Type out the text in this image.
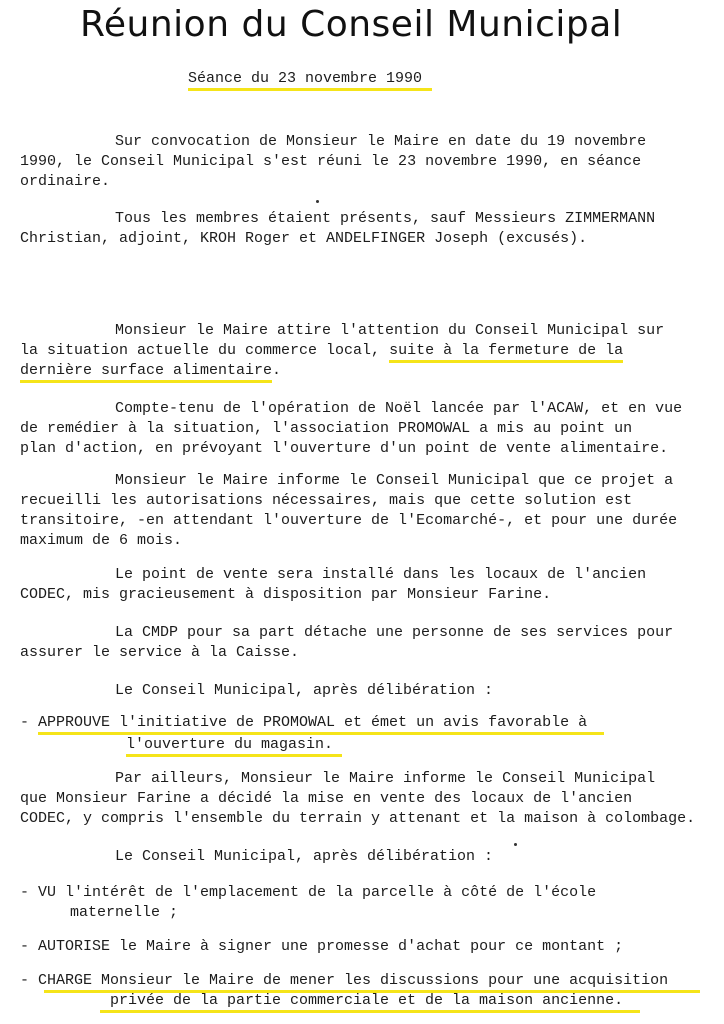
Réunion du Conseil Municipal
Séance du 23 novembre 1990
Sur convocation de Monsieur le Maire en date du 19 novembre
1990, le Conseil Municipal s'est réuni le 23 novembre 1990, en séance
ordinaire.
Tous les membres étaient présents, sauf Messieurs ZIMMERMANN
Christian, adjoint, KROH Roger et ANDELFINGER Joseph (excusés).
Monsieur le Maire attire l'attention du Conseil Municipal sur
la situation actuelle du commerce local, suite à la fermeture de la
dernière surface alimentaire.
Compte-tenu de l'opération de Noël lancée par l'ACAW, et en vue
de remédier à la situation, l'association PROMOWAL a mis au point un
plan d'action, en prévoyant l'ouverture d'un point de vente alimentaire.
Monsieur le Maire informe le Conseil Municipal que ce projet a
recueilli les autorisations nécessaires, mais que cette solution est
transitoire, -en attendant l'ouverture de l'Ecomarché-, et pour une durée
maximum de 6 mois.
Le point de vente sera installé dans les locaux de l'ancien
CODEC, mis gracieusement à disposition par Monsieur Farine.
La CMDP pour sa part détache une personne de ses services pour
assurer le service à la Caisse.
Le Conseil Municipal, après délibération :
- APPROUVE l'initiative de PROMOWAL et émet un avis favorable à
l'ouverture du magasin.
Par ailleurs, Monsieur le Maire informe le Conseil Municipal
que Monsieur Farine a décidé la mise en vente des locaux de l'ancien
CODEC, y compris l'ensemble du terrain y attenant et la maison à colombage.
Le Conseil Municipal, après délibération :
- VU l'intérêt de l'emplacement de la parcelle à côté de l'école
maternelle ;
- AUTORISE le Maire à signer une promesse d'achat pour ce montant ;
- CHARGE Monsieur le Maire de mener les discussions pour une acquisition
privée de la partie commerciale et de la maison ancienne.
